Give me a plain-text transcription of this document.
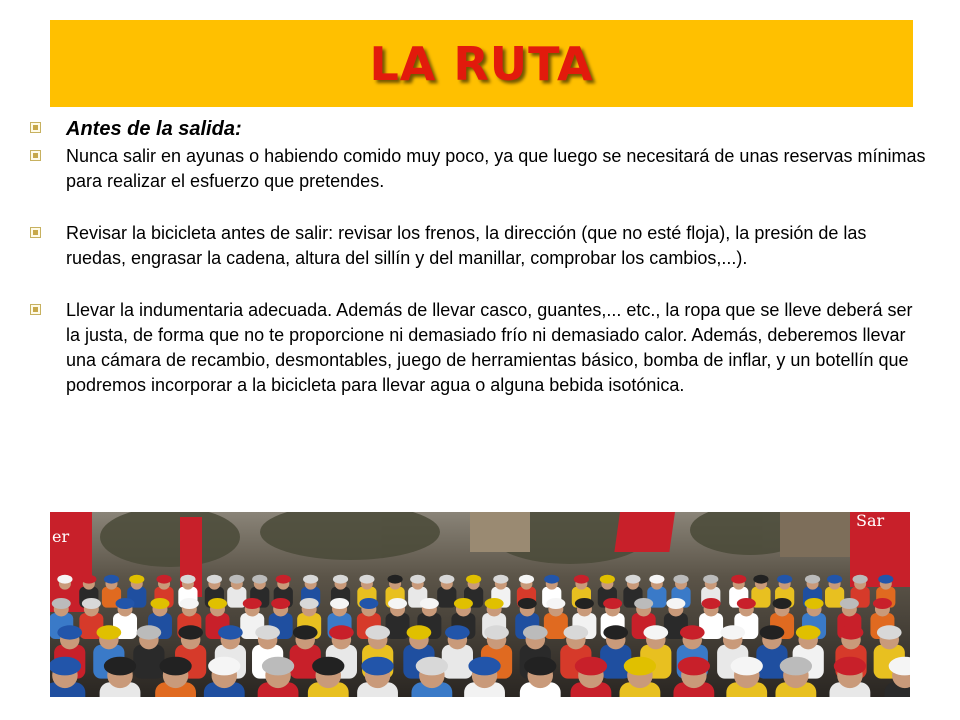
LA RUTA
Antes de la salida:
Nunca salir en ayunas o habiendo comido muy poco, ya que luego se necesitará de unas reservas mínimas para realizar el esfuerzo que pretendes.
Revisar la bicicleta antes de salir: revisar los frenos, la dirección (que no esté floja), la presión de las ruedas, engrasar la cadena, altura del sillín y del manillar, comprobar los cambios,...).
Llevar la indumentaria adecuada. Además de llevar casco, guantes,... etc., la ropa que se lleve deberá ser la justa, de forma que no te proporcione ni demasiado frío ni demasiado calor. Además, deberemos llevar una cámara de recambio, desmontables, juego de herramientas básico, bomba de inflar, y un botellín que podremos incorporar a la bicicleta para llevar agua o alguna bebida isotónica.
er
Sar
